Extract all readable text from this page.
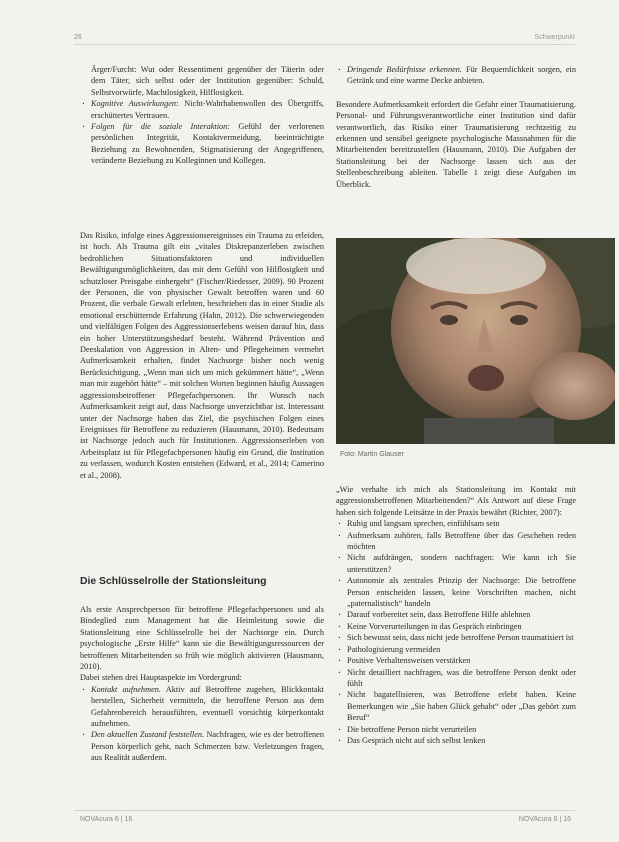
26	Schwerpunkt
Ärger/Furcht: Wut oder Ressentiment gegenüber der Täterin oder dem Täter, sich selbst oder der Institution gegenüber: Schuld, Selbstvorwürfe, Machtlosigkeit, Hilflosigkeit.
· Kognitive Auswirkungen: Nicht-Wahrhabenwollen des Übergriffs, erschüttertes Vertrauen.
· Folgen für die soziale Interaktion: Gefühl der verlorenen persönlichen Integrität, Kontaktvermeidung, beeinträchtigte Beziehung zu Bewohnenden, Stigmatisierung der Angegriffenen, veränderte Beziehung zu Kolleginnen und Kollegen.

Das Risiko, infolge eines Aggressionsereignisses ein Trauma zu erleiden, ist hoch. Als Trauma gilt ein „vitales Diskrepanzerleben zwischen bedrohlichen Situationsfaktoren und individuellen Bewältigungsmöglichkeiten, das mit dem Gefühl von Hilflosigkeit und schutzloser Preisgabe einhergeht“ (Fischer/Riedesser, 2009). 90 Prozent der Personen, die von physischer Gewalt betroffen waren und 60 Prozent, die verbale Gewalt erlebten, beschrieben das in einer Studie als emotional erschütternde Erfahrung (Hahn, 2012). Die schwerwiegenden und vielfältigen Folgen des Aggressionserlebens weisen darauf hin, dass ein hoher Unterstützungsbedarf besteht. Während Prävention und Deeskalation von Aggression in Alten- und Pflegeheimen vermehrt Aufmerksamkeit erhalten, findet Nachsorge bisher noch wenig Berücksichtigung. „Wenn man sich um mich gekümmert hätte“, „Wenn man mir zugehört hätte“ – mit solchen Worten beginnen häufig Aussagen aggressionsbetroffener Pflegefachpersonen. Ihr Wunsch nach Aufmerksamkeit zeigt auf, dass Nachsorge unverzichtbar ist. Interessant unter der Nachsorge haben das Ziel, die psychischen Folgen eines Ereignisses für Betroffene zu reduzieren (Hausmann, 2010). Bedeutsam ist Nachsorge jedoch auch für Institutionen. Aggressionserleben von Arbeitsplatz ist für Pflegefachpersonen häufig ein Grund, die Institution zu verlassen, wodurch Kosten entstehen (Edward, et al., 2014; Camerino et al., 2008).

Die Schlüsselrolle der Stationsleitung

Als erste Ansprechperson für betroffene Pflegefachpersonen und als Bindeglied zum Management hat die Heimleitung sowie die Stationsleitung eine Schlüsselrolle bei der Nachsorge ein. Durch psychologische „Erste Hilfe“ kann sie die Bewältigungsressourcen der betroffenen Mitarbeitenden so früh wie möglich aktivieren (Hausmann, 2010).

Dabei stehen drei Hauptaspekte im Vordergrund:

· Kontakt aufnehmen. Aktiv auf Betroffene zugehen, Blickkontakt herstellen, Sicherheit vermitteln, die betroffene Person aus dem Gefahrenbereich herausführen, eventuell vorsichtig körperkontakt aufnehmen.
· Den aktuellen Zustand feststellen. Nachfragen, wie es der betroffenen Person körperlich geht, nach Schmerzen bzw. Verletzungen fragen, aus Realität außerdem.
· Dringende Bedürfnisse erkennen. Für Bequemlichkeit sorgen, ein Getränk und eine warme Decke anbieten.

Besondere Aufmerksamkeit erfordert die Gefahr einer Traumatisierung. Personal- und Führungsverantwortliche einer Institution sind dafür verantwortlich, das Risiko einer Traumatisierung rechtzeitig zu erkennen und sensibel geeignete psychologische Massnahmen für die Mitarbeitenden bereitzustellen (Hausmann, 2010). Die Aufgaben der Stationsleitung bei der Nachsorge lassen sich aus der Stellenbeschreibung ableiten. Tabelle 1 zeigt diese Aufgaben im Überblick.

Foto: Martin Glauser

„Wie verhalte ich mich als Stationsleitung im Kontakt mit aggressionsbetroffenen Mitarbeitenden?“ Als Antwort auf diese Frage haben sich folgende Leitsätze in der Praxis bewährt (Richter, 2007):

· Ruhig und langsam sprechen, einfühlsam sein
· Aufmerksam zuhören, falls Betroffene über das Geschehen reden möchten
· Nicht aufdrängen, sondern nachfragen: Wie kann ich Sie unterstützen?
· Autonomie als zentrales Prinzip der Nachsorge: Die betroffene Person entscheiden lassen, keine Vorschriften machen, nicht „paternalistisch“ handeln
· Darauf vorbereitet sein, dass Betroffene Hilfe ablehnen
· Keine Vorverurteilungen in das Gespräch einbringen
· Sich bewusst sein, dass nicht jede betroffene Person traumatisiert ist
· Pathologisierung vermeiden
· Positive Verhaltensweisen verstärken
· Nicht detailliert nachfragen, was die betroffene Person denkt oder fühlt
· Nicht bagatellisieren, was Betroffene erlebt haben. Keine Bemerkungen wie „Sie haben Glück gehabt“ oder „Das gehört zum Beruf“
· Die betroffene Person nicht verurteilen
· Das Gespräch nicht auf sich selbst lenken
NOVAcura 6 | 16	NOVAcura 6 | 16
